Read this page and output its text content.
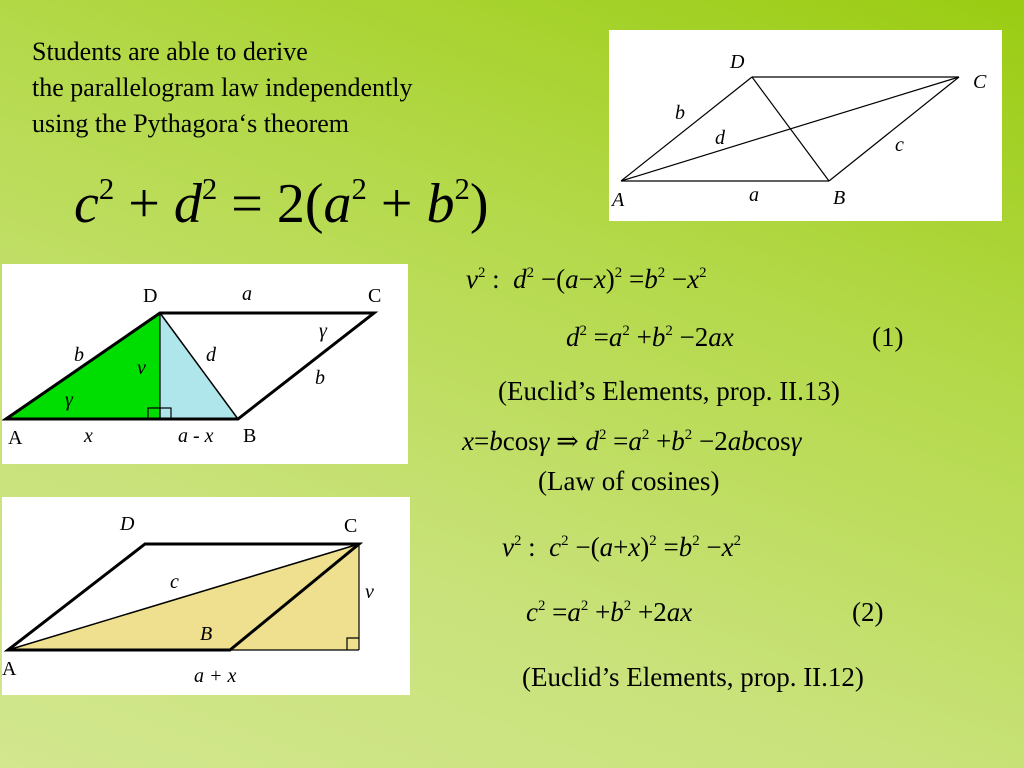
Students are able to derive
the parallelogram law independently
using the Pythagora‘s theorem
$c^2 + d^2 = 2(a^2 + b^2)$
D
C
A	B
a
b
c
d
D	a	C
b
γ
v
d
b
γ
A	x	a - x B
D	C
c	v
B
A	a + x
$v^2$ : $d^2 -(a-x)^2 =b^2 -x^2$
$d^2 =a^2 +b^2 -2ax$	(1)
(Euclid’s Elements, prop. II.13)
x=bcosγ ⇒ $d^2 =a^2 +b^2 -2abcos\gamma$
(Law of cosines)
$v^2$ : $c^2 -(a+x)^2 =b^2 -x^2$
$c^2 =a^2 +b^2 +2ax$	(2)
(Euclid’s Elements, prop. II.12)
